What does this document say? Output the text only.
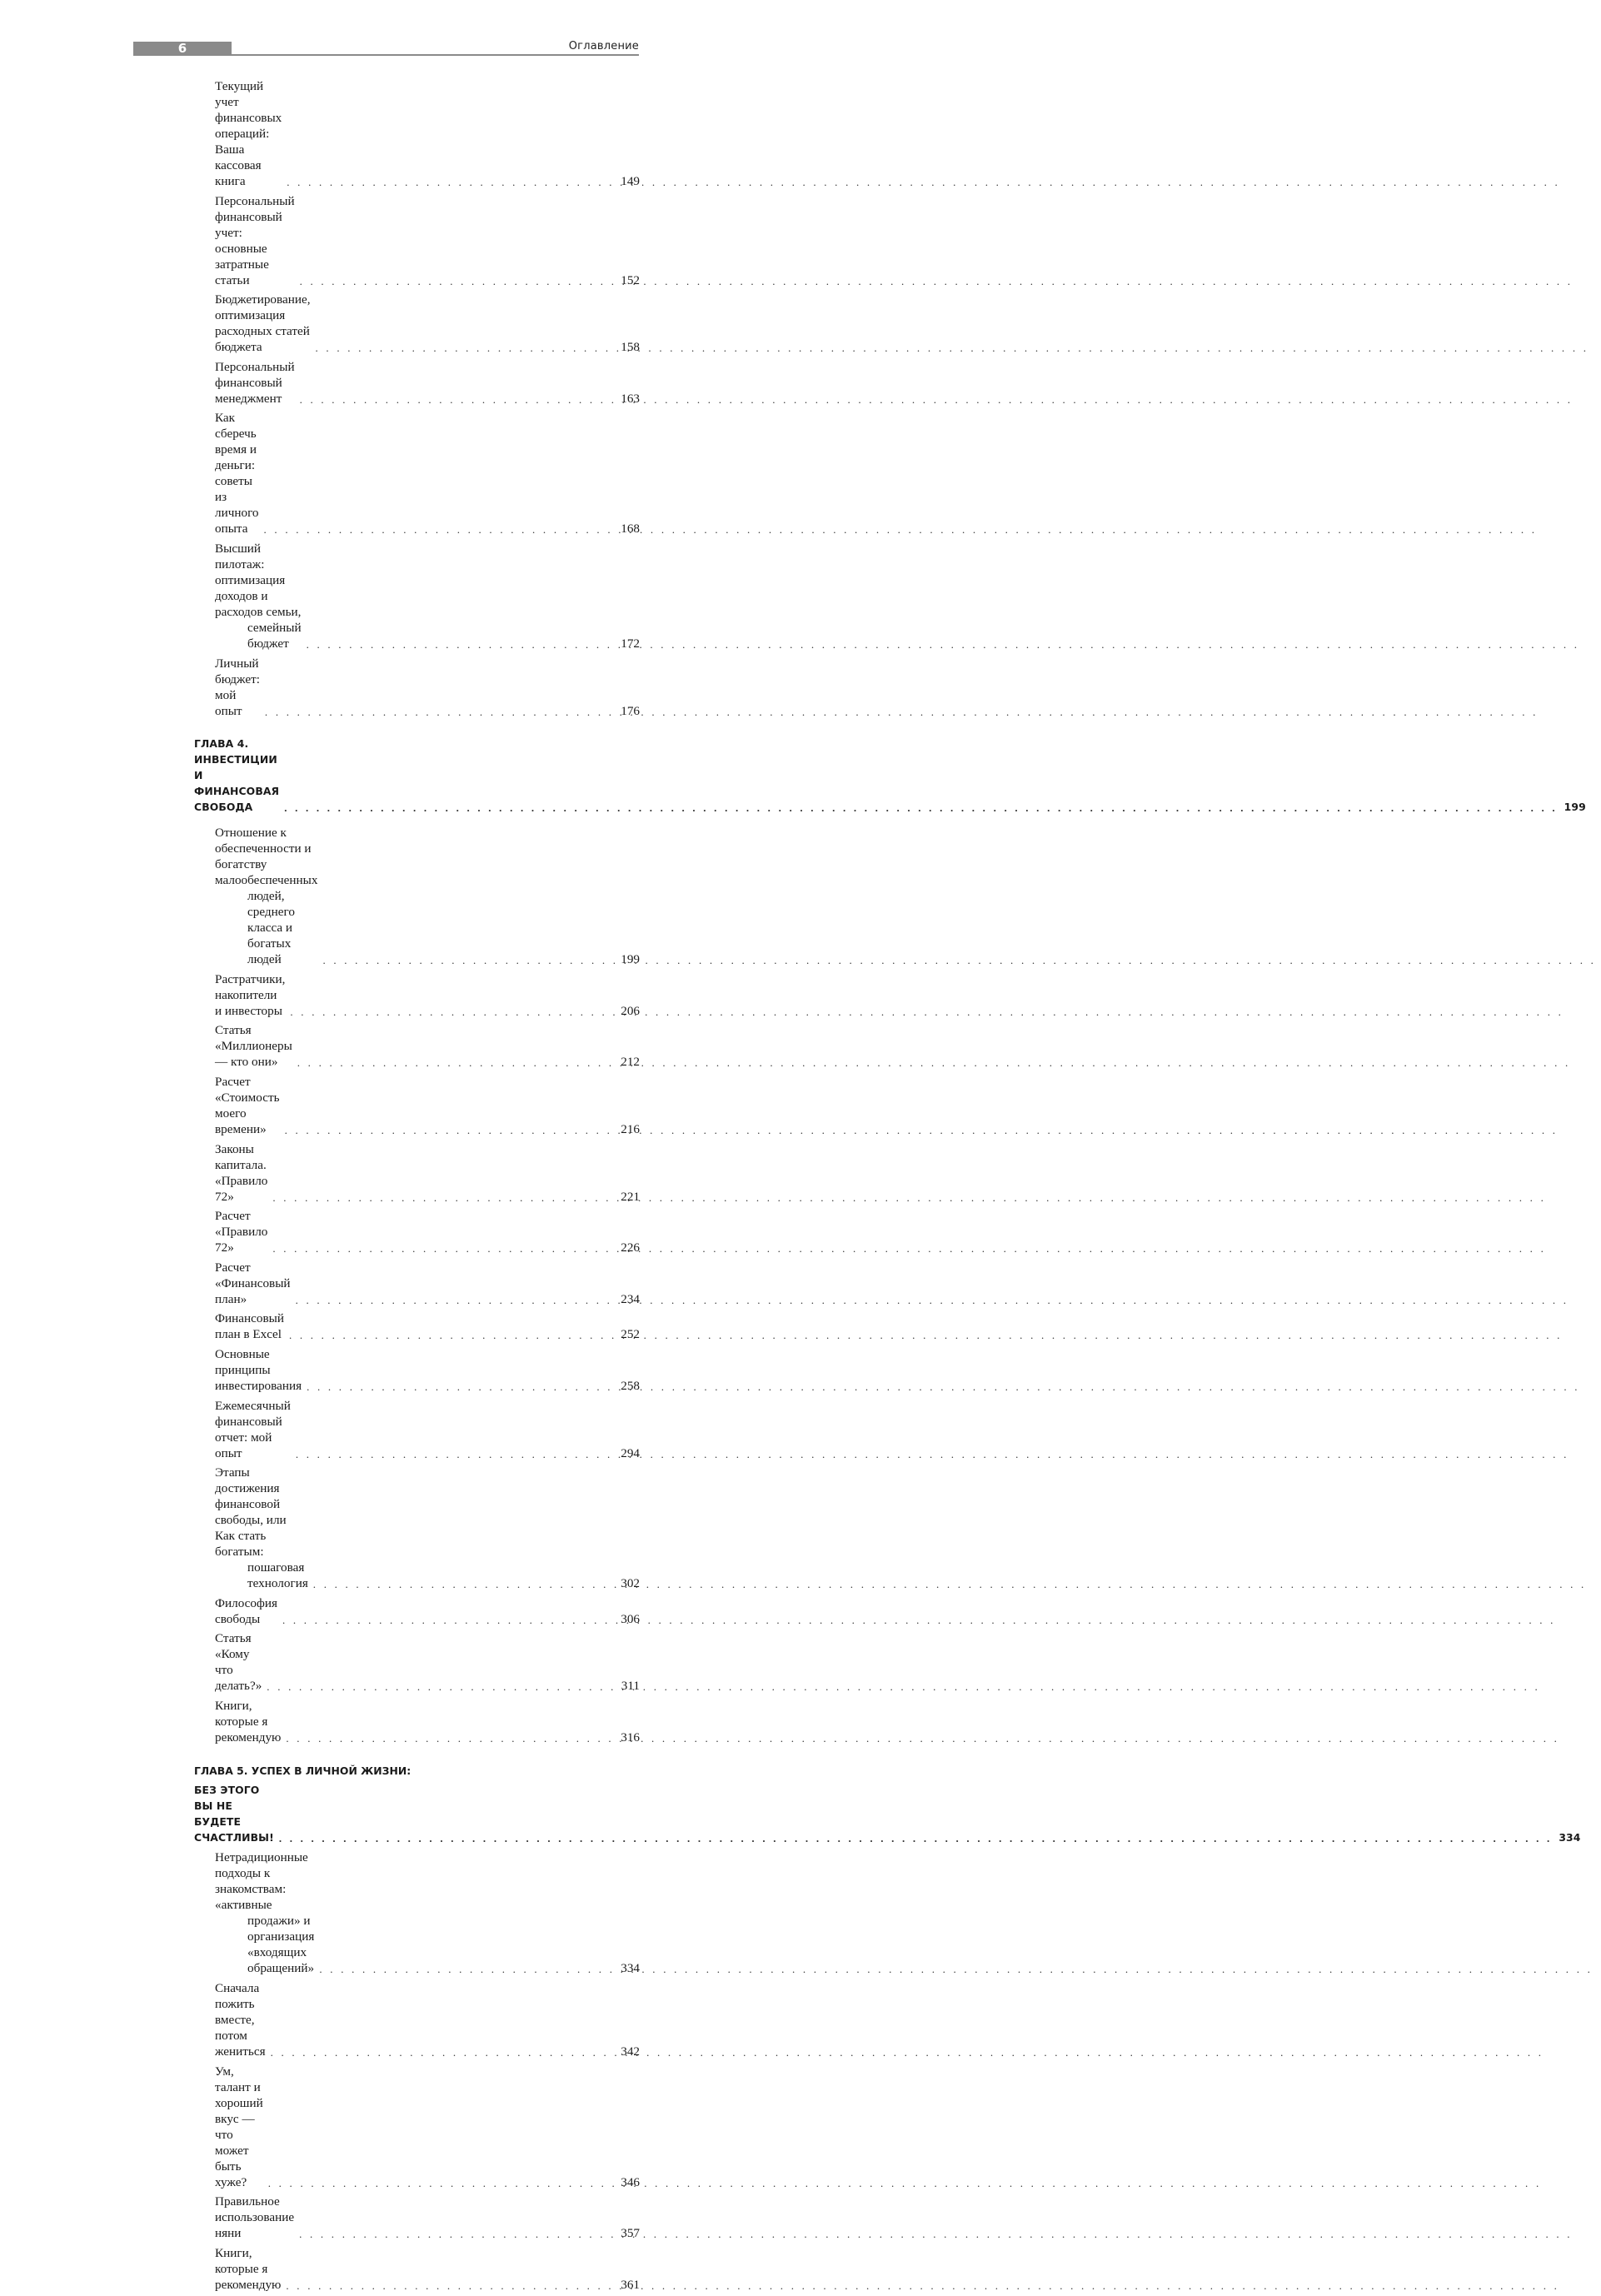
6	Оглавление
Текущий учет финансовых операций: Ваша кассовая книга . . .	149
Персональный финансовый учет: основные затратные статьи . . .	152
Бюджетирование, оптимизация расходных статей бюджета . . .	158
Персональный финансовый менеджмент . . .	163
Как сберечь время и деньги: советы из личного опыта . . .	168
Высший пилотаж: оптимизация доходов и расходов семьи,
семейный бюджет . . .	172
Личный бюджет: мой опыт . . .	176
ГЛАВА 4. ИНВЕСТИЦИИ И ФИНАНСОВАЯ СВОБОДА . . .	199
Отношение к обеспеченности и богатству малообеспеченных
людей, среднего класса и богатых людей . . .	199
Растратчики, накопители и инвесторы . . .	206
Статья «Миллионеры — кто они» . . .	212
Расчет «Стоимость моего времени» . . .	216
Законы капитала. «Правило 72» . . .	221
Расчет «Правило 72» . . .	226
Расчет «Финансовый план» . . .	234
Финансовый план в Excel . . .	252
Основные принципы инвестирования . . .	258
Ежемесячный финансовый отчет: мой опыт . . .	294
Этапы достижения финансовой свободы, или Как стать богатым:
пошаговая технология . . .	302
Философия свободы . . .	306
Статья «Кому что делать?» . . .	311
Книги, которые я рекомендую . . .	316
ГЛАВА 5. УСПЕХ В ЛИЧНОЙ ЖИЗНИ:
БЕЗ ЭТОГО ВЫ НЕ БУДЕТЕ СЧАСТЛИВЫ! . . .	334
Нетрадиционные подходы к знакомствам: «активные
продажи» и организация «входящих обращений» . . .	334
Сначала пожить вместе, потом жениться . . .	342
Ум, талант и хороший вкус — что может быть хуже? . . .	346
Правильное использование няни . . .	357
Книги, которые я рекомендую . . .	361
